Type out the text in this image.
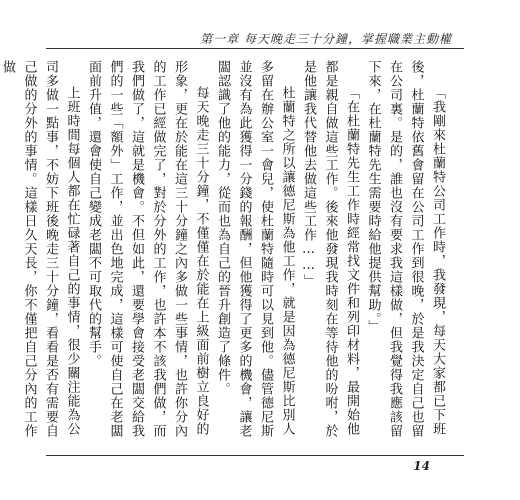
第一章 每天晚走三十分鐘，掌握職業主動權

「我剛來杜蘭特公司工作時，我發現，每天大家都已下班後，杜蘭特依舊會留在公司工作到很晚，於是我決定自己也留在公司裏。是的，誰也沒有要求我這樣做，但我覺得我應該留下來，在杜蘭特先生需要時給他提供幫助。」

「在杜蘭特先生工作時經常找文件和列印材料，最開始他都是親自做這些工作。後來他發現我時刻在等待他的吩咐，於是他讓我代替他去做這些工作……」

杜蘭特之所以讓德尼斯為他工作，就是因為德尼斯比別人多留在辦公室一會兒，使杜蘭特隨時可以見到他。儘管德尼斯並沒有為此獲得一分錢的報酬，但他獲得了更多的機會，讓老闆認識了他的能力，從而也為自己的晉升創造了條件。

每天晚走三十分鐘，不僅僅在於能在上級面前樹立良好的形象，更在於能在這三十分鐘之內多做一些事情，也許你分內的工作已經做完了，對於分外的工作，也許本不該我們做，而我們做了，這就是機會。不但如此，還要學會接受老闆交給我們的一些「額外」工作，並出色地完成，這樣可使自己在老闆面前升值，還會使自己變成老闆不可取代的幫手。

上班時間每個人都在忙碌著自己的事情，很少關注能為公司多做一點事，不妨下班後晚走三十分鐘，看看是否有需要自己做的分外的事情。這樣日久天長，你不僅把自己分內的工作做

14
